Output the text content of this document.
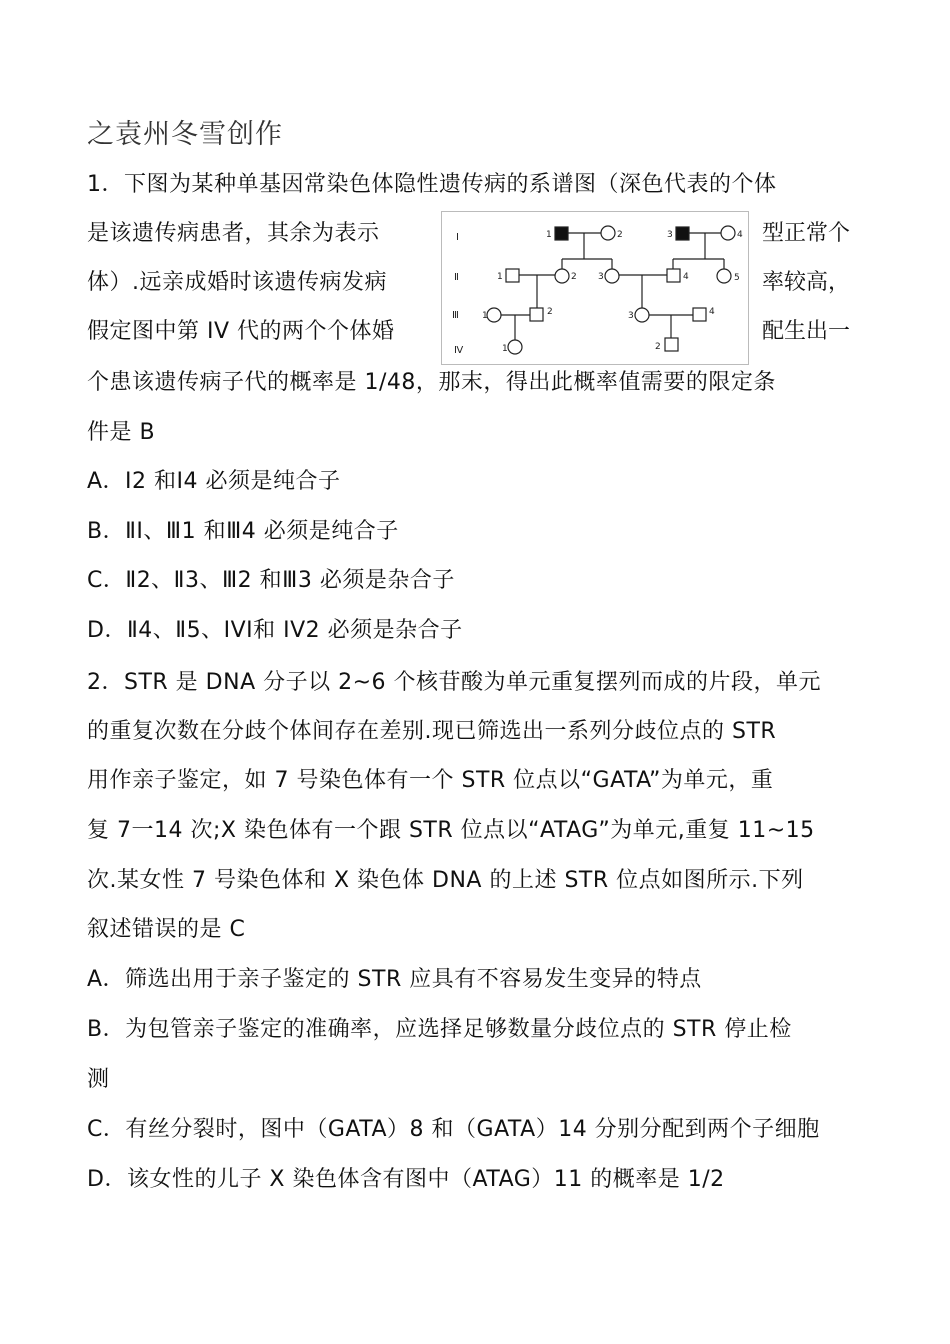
之袁州冬雪创作
1．下图为某种单基因常染色体隐性遗传病的系谱图（深色代表的个体
是该遗传病患者，其余为表示	型正常个
体）.远亲成婚时该遗传病发病	率较高，
假定图中第 IV 代的两个个体婚	配生出一
个患该遗传病子代的概率是 1/48，那末，得出此概率值需要的限定条
件是 B
A．Ⅰ2 和Ⅰ4 必须是纯合子
B．ⅡⅠ、Ⅲ1 和Ⅲ4 必须是纯合子
C．Ⅱ2、Ⅱ3、Ⅲ2 和Ⅲ3 必须是杂合子
D．Ⅱ4、Ⅱ5、IVⅠ和 IV2 必须是杂合子
Ⅰ
Ⅱ
Ⅲ
Ⅳ
1	2	3	4
1	2 3	4	5
1	2	3	4
1	2
2．STR 是 DNA 分子以 2~6 个核苷酸为单元重复摆列而成的片段，单元
的重复次数在分歧个体间存在差别.现已筛选出一系列分歧位点的 STR
用作亲子鉴定，如 7 号染色体有一个 STR 位点以“GATA”为单元，重
复 7一14 次;X 染色体有一个跟 STR 位点以“ATAG”为单元,重复 11~15
次.某女性 7 号染色体和 X 染色体 DNA 的上述 STR 位点如图所示.下列
叙述错误的是 C
A．筛选出用于亲子鉴定的 STR 应具有不容易发生变异的特点
B．为包管亲子鉴定的准确率，应选择足够数量分歧位点的 STR 停止检
测
C．有丝分裂时，图中（GATA）8 和（GATA）14 分别分配到两个子细胞
D．该女性的儿子 X 染色体含有图中（ATAG）11 的概率是 1/2
